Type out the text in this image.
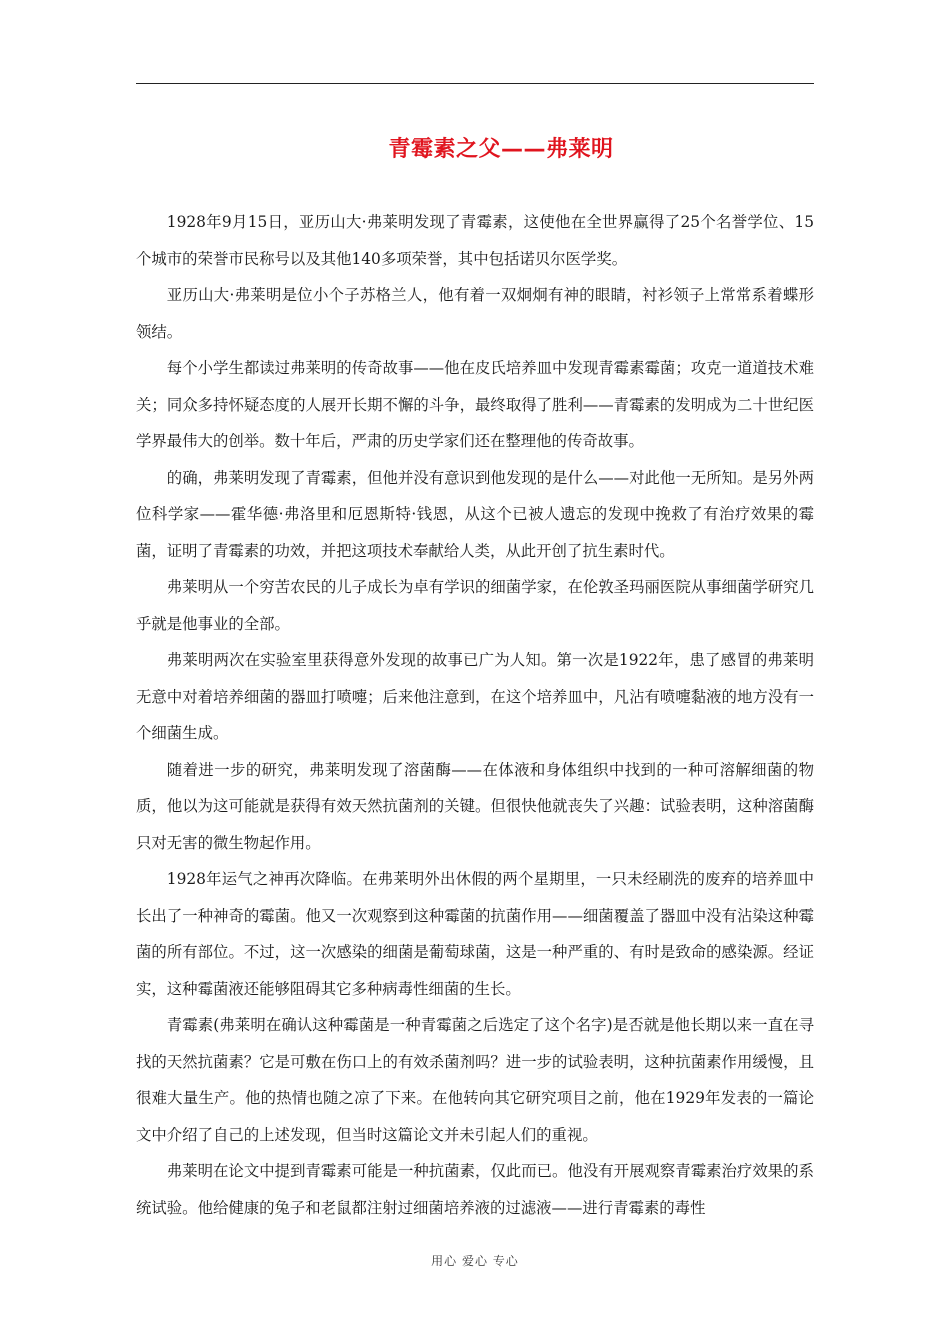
青霉素之父——弗莱明

1928年9月15日，亚历山大·弗莱明发现了青霉素，这使他在全世界赢得了25个名誉学位、15个城市的荣誉市民称号以及其他140多项荣誉，其中包括诺贝尔医学奖。

亚历山大·弗莱明是位小个子苏格兰人，他有着一双炯炯有神的眼睛，衬衫领子上常常系着蝶形领结。

每个小学生都读过弗莱明的传奇故事——他在皮氏培养皿中发现青霉素霉菌；攻克一道道技术难关；同众多持怀疑态度的人展开长期不懈的斗争，最终取得了胜利——青霉素的发明成为二十世纪医学界最伟大的创举。数十年后，严肃的历史学家们还在整理他的传奇故事。

的确，弗莱明发现了青霉素，但他并没有意识到他发现的是什么——对此他一无所知。是另外两位科学家——霍华德·弗洛里和厄恩斯特·钱恩，从这个已被人遗忘的发现中挽救了有治疗效果的霉菌，证明了青霉素的功效，并把这项技术奉献给人类，从此开创了抗生素时代。

弗莱明从一个穷苦农民的儿子成长为卓有学识的细菌学家，在伦敦圣玛丽医院从事细菌学研究几乎就是他事业的全部。

弗莱明两次在实验室里获得意外发现的故事已广为人知。第一次是1922年，患了感冒的弗莱明无意中对着培养细菌的器皿打喷嚏；后来他注意到，在这个培养皿中，凡沾有喷嚏黏液的地方没有一个细菌生成。

随着进一步的研究，弗莱明发现了溶菌酶——在体液和身体组织中找到的一种可溶解细菌的物质，他以为这可能就是获得有效天然抗菌剂的关键。但很快他就丧失了兴趣：试验表明，这种溶菌酶只对无害的微生物起作用。

1928年运气之神再次降临。在弗莱明外出休假的两个星期里，一只未经刷洗的废弃的培养皿中长出了一种神奇的霉菌。他又一次观察到这种霉菌的抗菌作用——细菌覆盖了器皿中没有沾染这种霉菌的所有部位。不过，这一次感染的细菌是葡萄球菌，这是一种严重的、有时是致命的感染源。经证实，这种霉菌液还能够阻碍其它多种病毒性细菌的生长。

青霉素(弗莱明在确认这种霉菌是一种青霉菌之后选定了这个名字)是否就是他长期以来一直在寻找的天然抗菌素？它是可敷在伤口上的有效杀菌剂吗？进一步的试验表明，这种抗菌素作用缓慢，且很难大量生产。他的热情也随之凉了下来。在他转向其它研究项目之前，他在1929年发表的一篇论文中介绍了自己的上述发现，但当时这篇论文并未引起人们的重视。

弗莱明在论文中提到青霉素可能是一种抗菌素，仅此而已。他没有开展观察青霉素治疗效果的系统试验。他给健康的兔子和老鼠都注射过细菌培养液的过滤液——进行青霉素的毒性

用心 爱心 专心
